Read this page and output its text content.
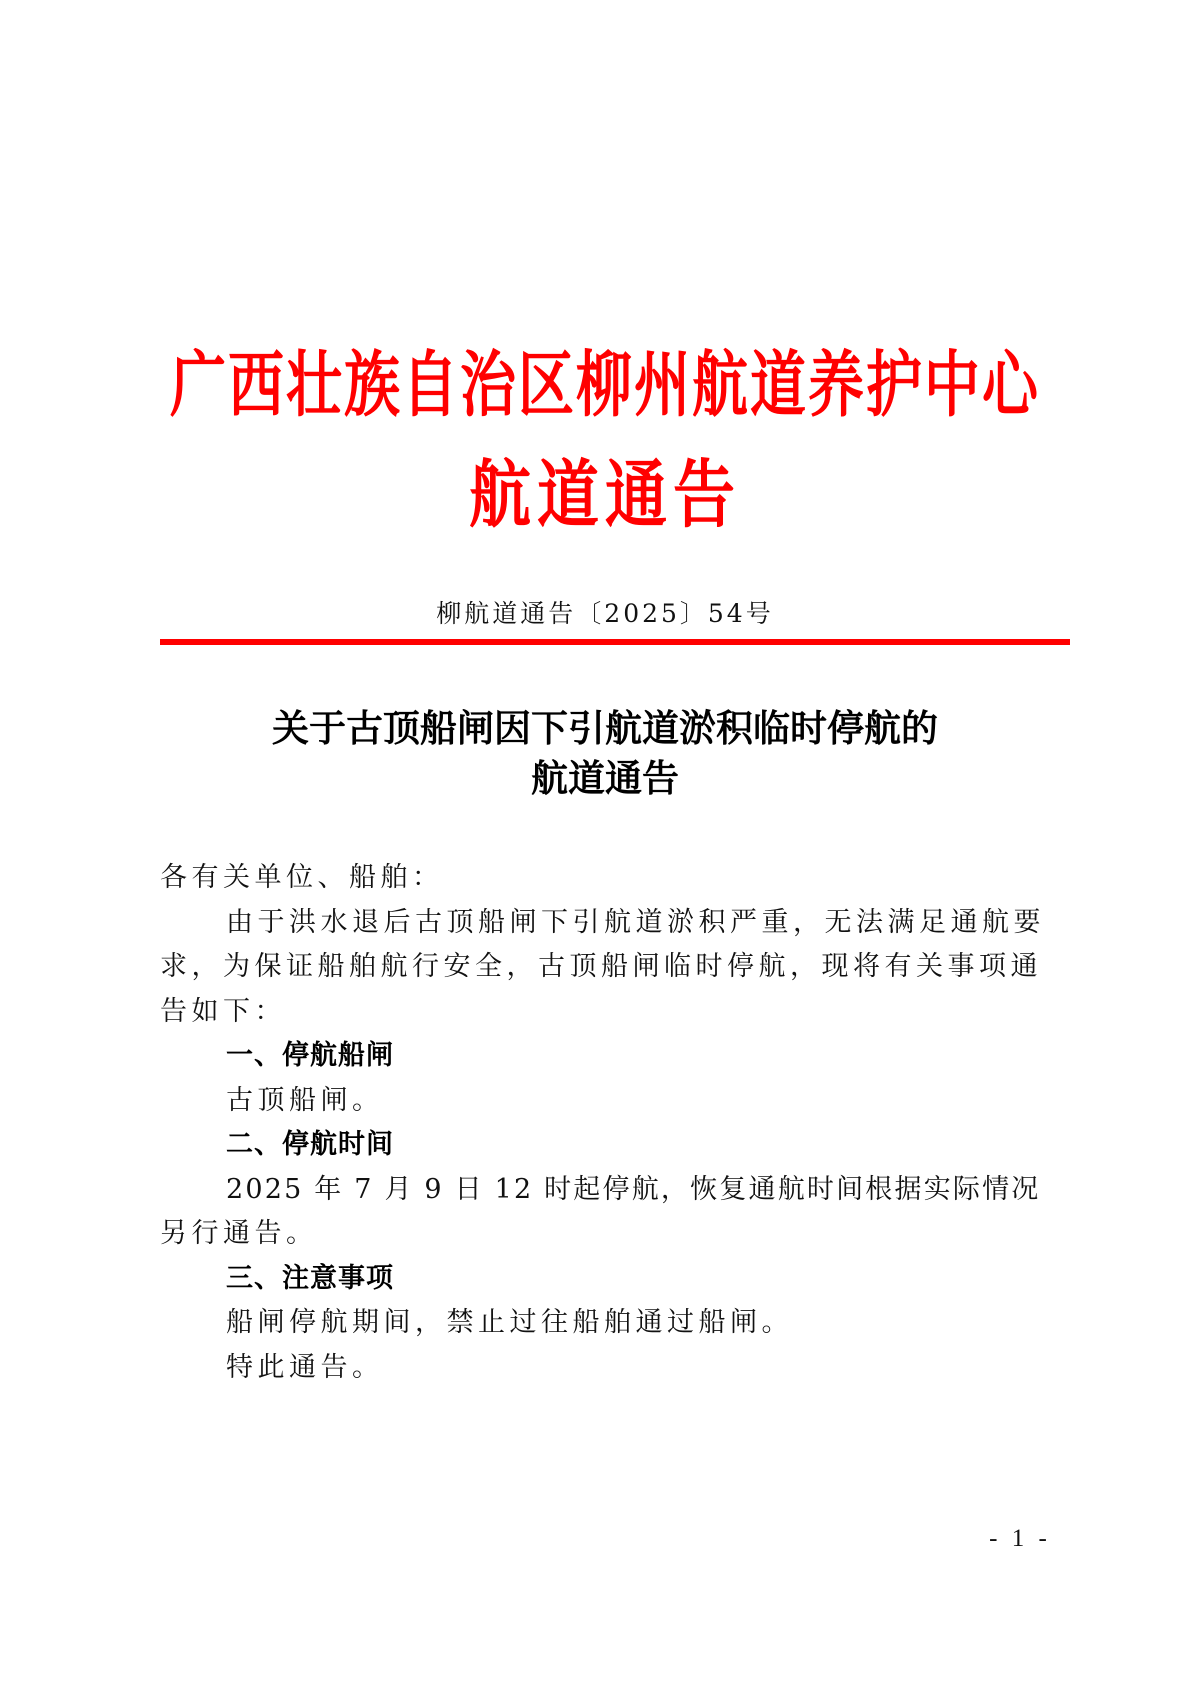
广西壮族自治区柳州航道养护中心
航道通告
柳航道通告〔2025〕54号
关于古顶船闸因下引航道淤积临时停航的
航道通告
各有关单位、船舶：
由于洪水退后古顶船闸下引航道淤积严重，无法满足通航要
求，为保证船舶航行安全，古顶船闸临时停航，现将有关事项通
告如下：
一、停航船闸
古顶船闸。
二、停航时间
2025 年 7 月 9 日 12 时起停航，恢复通航时间根据实际情况
另行通告。
三、注意事项
船闸停航期间，禁止过往船舶通过船闸。
特此通告。
- 1 -
